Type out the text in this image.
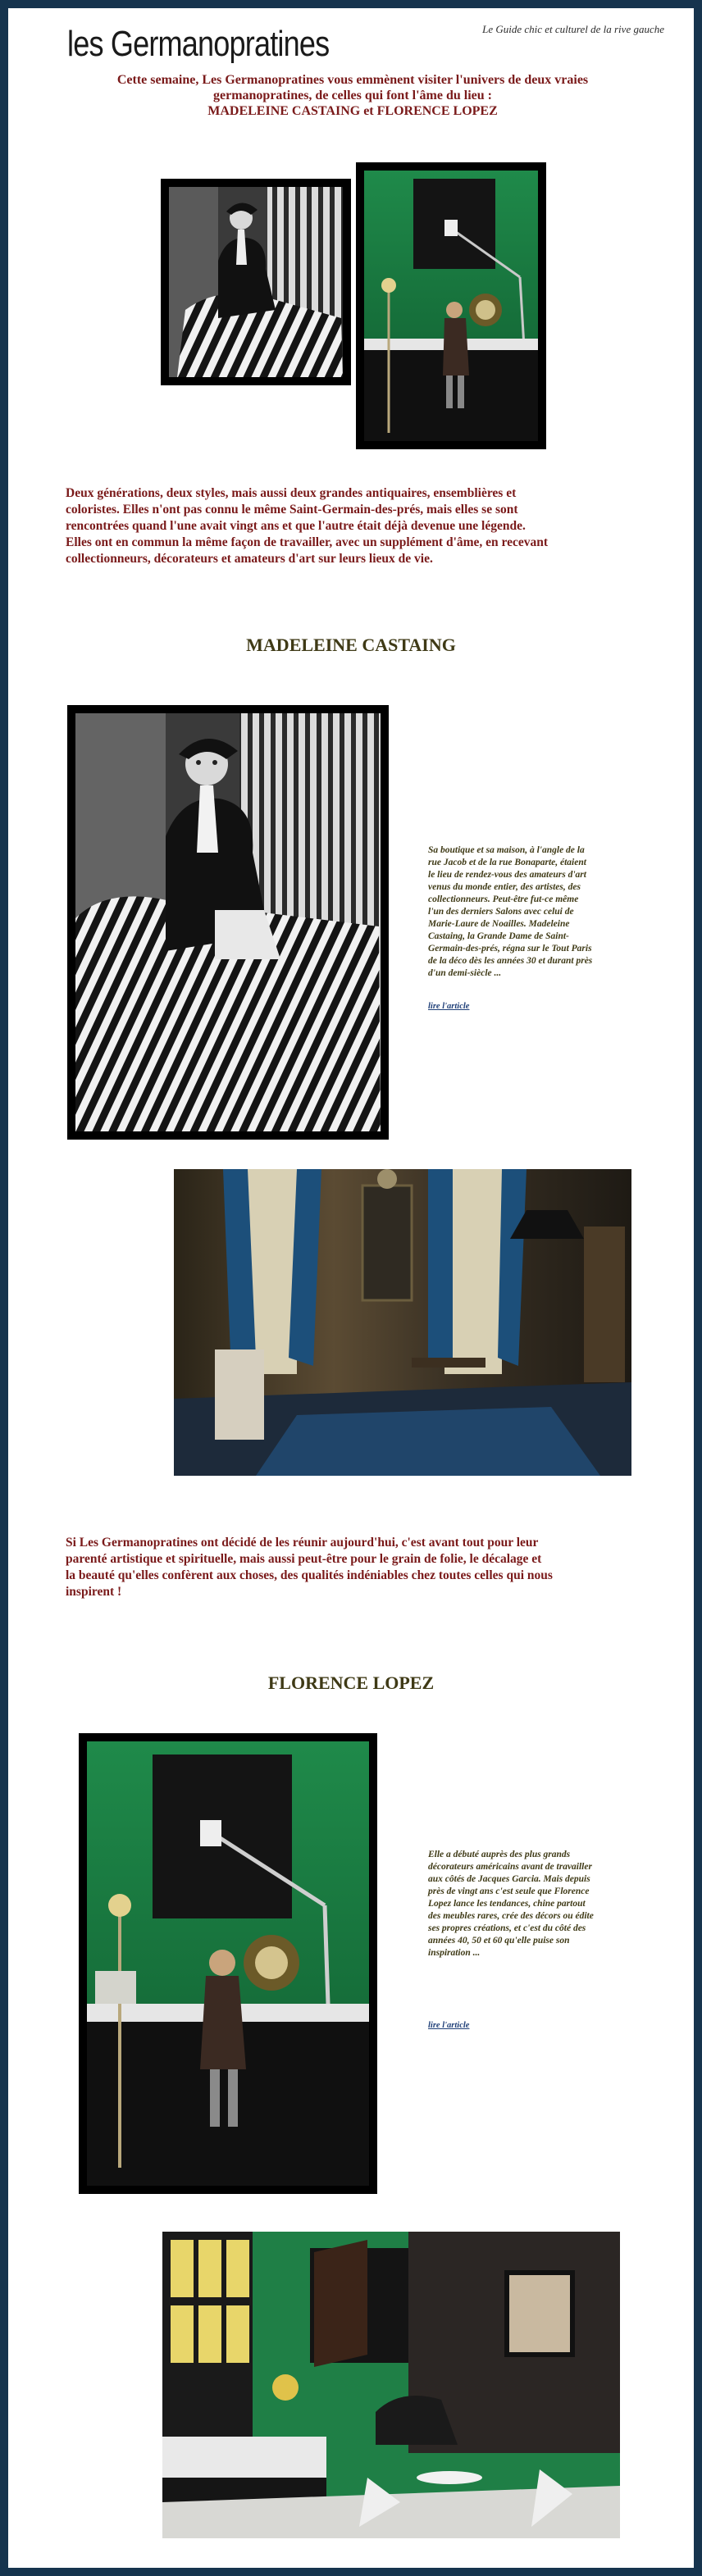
les Germanopratines	Le Guide chic et culturel de la rive gauche
Cette semaine, Les Germanopratines vous emmènent visiter l'univers de deux vraies
germanopratines, de celles qui font l'âme du lieu :
MADELEINE CASTAING et FLORENCE LOPEZ
Deux générations, deux styles, mais aussi deux grandes antiquaires, ensemblières et
coloristes. Elles n'ont pas connu le même Saint-Germain-des-prés, mais elles se sont
rencontrées quand l'une avait vingt ans et que l'autre était déjà devenue une légende.
Elles ont en commun la même façon de travailler, avec un supplément d'âme, en recevant
collectionneurs, décorateurs et amateurs d'art sur leurs lieux de vie.
MADELEINE CASTAING
Sa boutique et sa maison, à l'angle de la
rue Jacob et de la rue Bonaparte, étaient
le lieu de rendez-vous des amateurs d'art
venus du monde entier, des artistes, des
collectionneurs. Peut-être fut-ce même
l'un des derniers Salons avec celui de
Marie-Laure de Noailles. Madeleine
Castaing, la Grande Dame de Saint-
Germain-des-prés, régna sur le Tout Paris
de la déco dès les années 30 et durant près
d'un demi-siècle ...
lire l'article
Si Les Germanopratines ont décidé de les réunir aujourd'hui, c'est avant tout pour leur
parenté artistique et spirituelle, mais aussi peut-être pour le grain de folie, le décalage et
la beauté qu'elles confèrent aux choses, des qualités indéniables chez toutes celles qui nous
inspirent !
FLORENCE LOPEZ
Elle a débuté auprès des plus grands
décorateurs américains avant de travailler
aux côtés de Jacques Garcia. Mais depuis
près de vingt ans c'est seule que Florence
Lopez lance les tendances, chine partout
des meubles rares, crée des décors ou édite
ses propres créations, et c'est du côté des
années 40, 50 et 60 qu'elle puise son
inspiration ...
lire l'article
